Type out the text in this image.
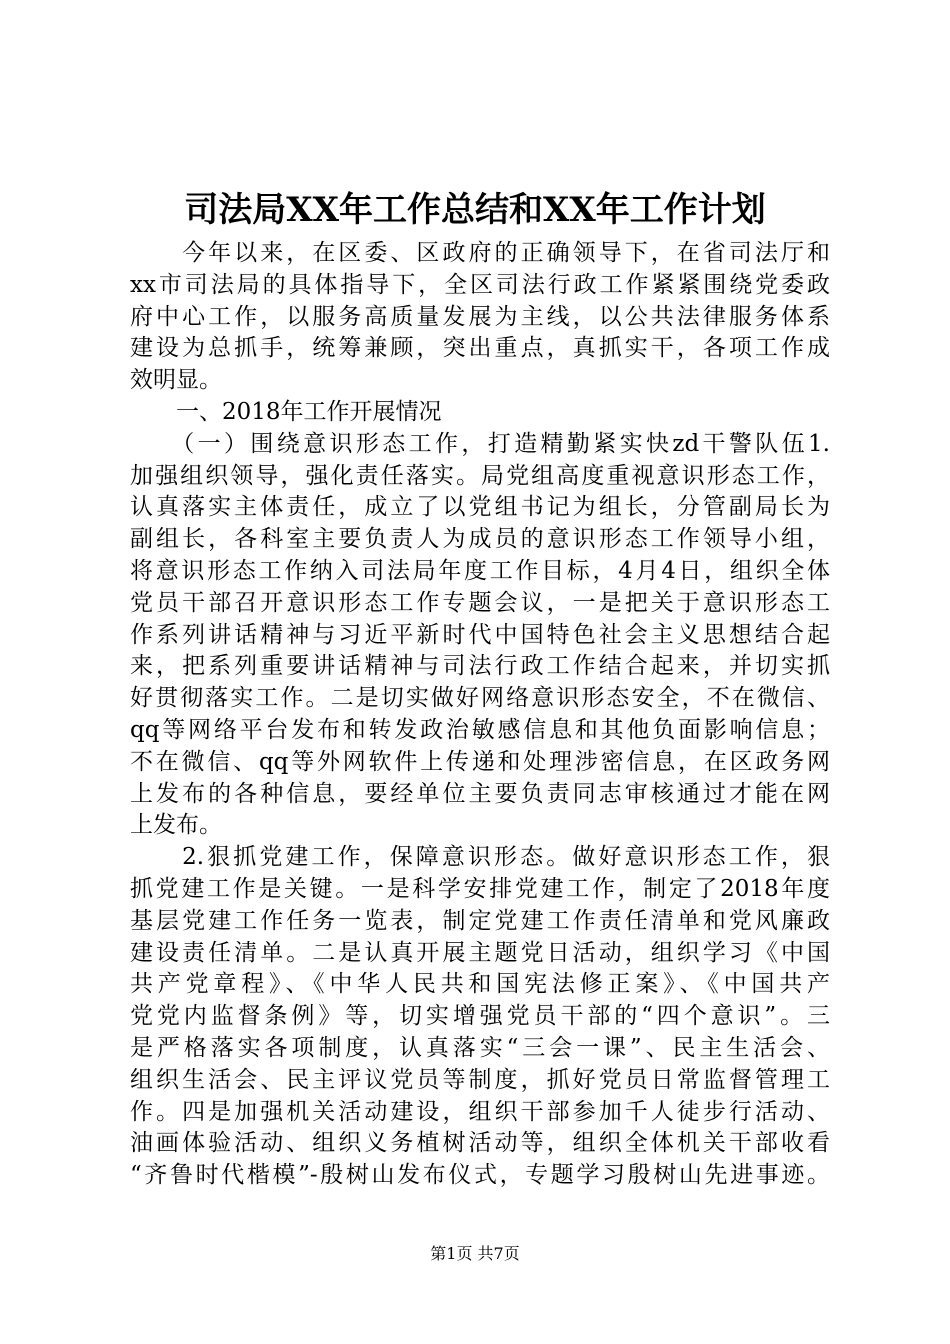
司法局XX年工作总结和XX年工作计划
　　今年以来，在区委、区政府的正确领导下，在省司法厅和
xx市司法局的具体指导下，全区司法行政工作紧紧围绕党委政
府中心工作，以服务高质量发展为主线，以公共法律服务体系
建设为总抓手，统筹兼顾，突出重点，真抓实干，各项工作成
效明显。
　　一、2018年工作开展情况
　　（一）围绕意识形态工作，打造精勤紧实快zd干警队伍1.
加强组织领导，强化责任落实。局党组高度重视意识形态工作，
认真落实主体责任，成立了以党组书记为组长，分管副局长为
副组长，各科室主要负责人为成员的意识形态工作领导小组，
将意识形态工作纳入司法局年度工作目标，4月4日，组织全体
党员干部召开意识形态工作专题会议，一是把关于意识形态工
作系列讲话精神与习近平新时代中国特色社会主义思想结合起
来，把系列重要讲话精神与司法行政工作结合起来，并切实抓
好贯彻落实工作。二是切实做好网络意识形态安全，不在微信、
qq等网络平台发布和转发政治敏感信息和其他负面影响信息；
不在微信、qq等外网软件上传递和处理涉密信息，在区政务网
上发布的各种信息，要经单位主要负责同志审核通过才能在网
上发布。
　　2.狠抓党建工作，保障意识形态。做好意识形态工作，狠
抓党建工作是关键。一是科学安排党建工作，制定了2018年度
基层党建工作任务一览表，制定党建工作责任清单和党风廉政
建设责任清单。二是认真开展主题党日活动，组织学习《中国
共产党章程》、《中华人民共和国宪法修正案》、《中国共产
党党内监督条例》等，切实增强党员干部的“四个意识”。三
是严格落实各项制度，认真落实“三会一课”、民主生活会、
组织生活会、民主评议党员等制度，抓好党员日常监督管理工
作。四是加强机关活动建设，组织干部参加千人徒步行活动、
油画体验活动、组织义务植树活动等，组织全体机关干部收看
“齐鲁时代楷模”-殷树山发布仪式，专题学习殷树山先进事迹。
第1页 共7页
